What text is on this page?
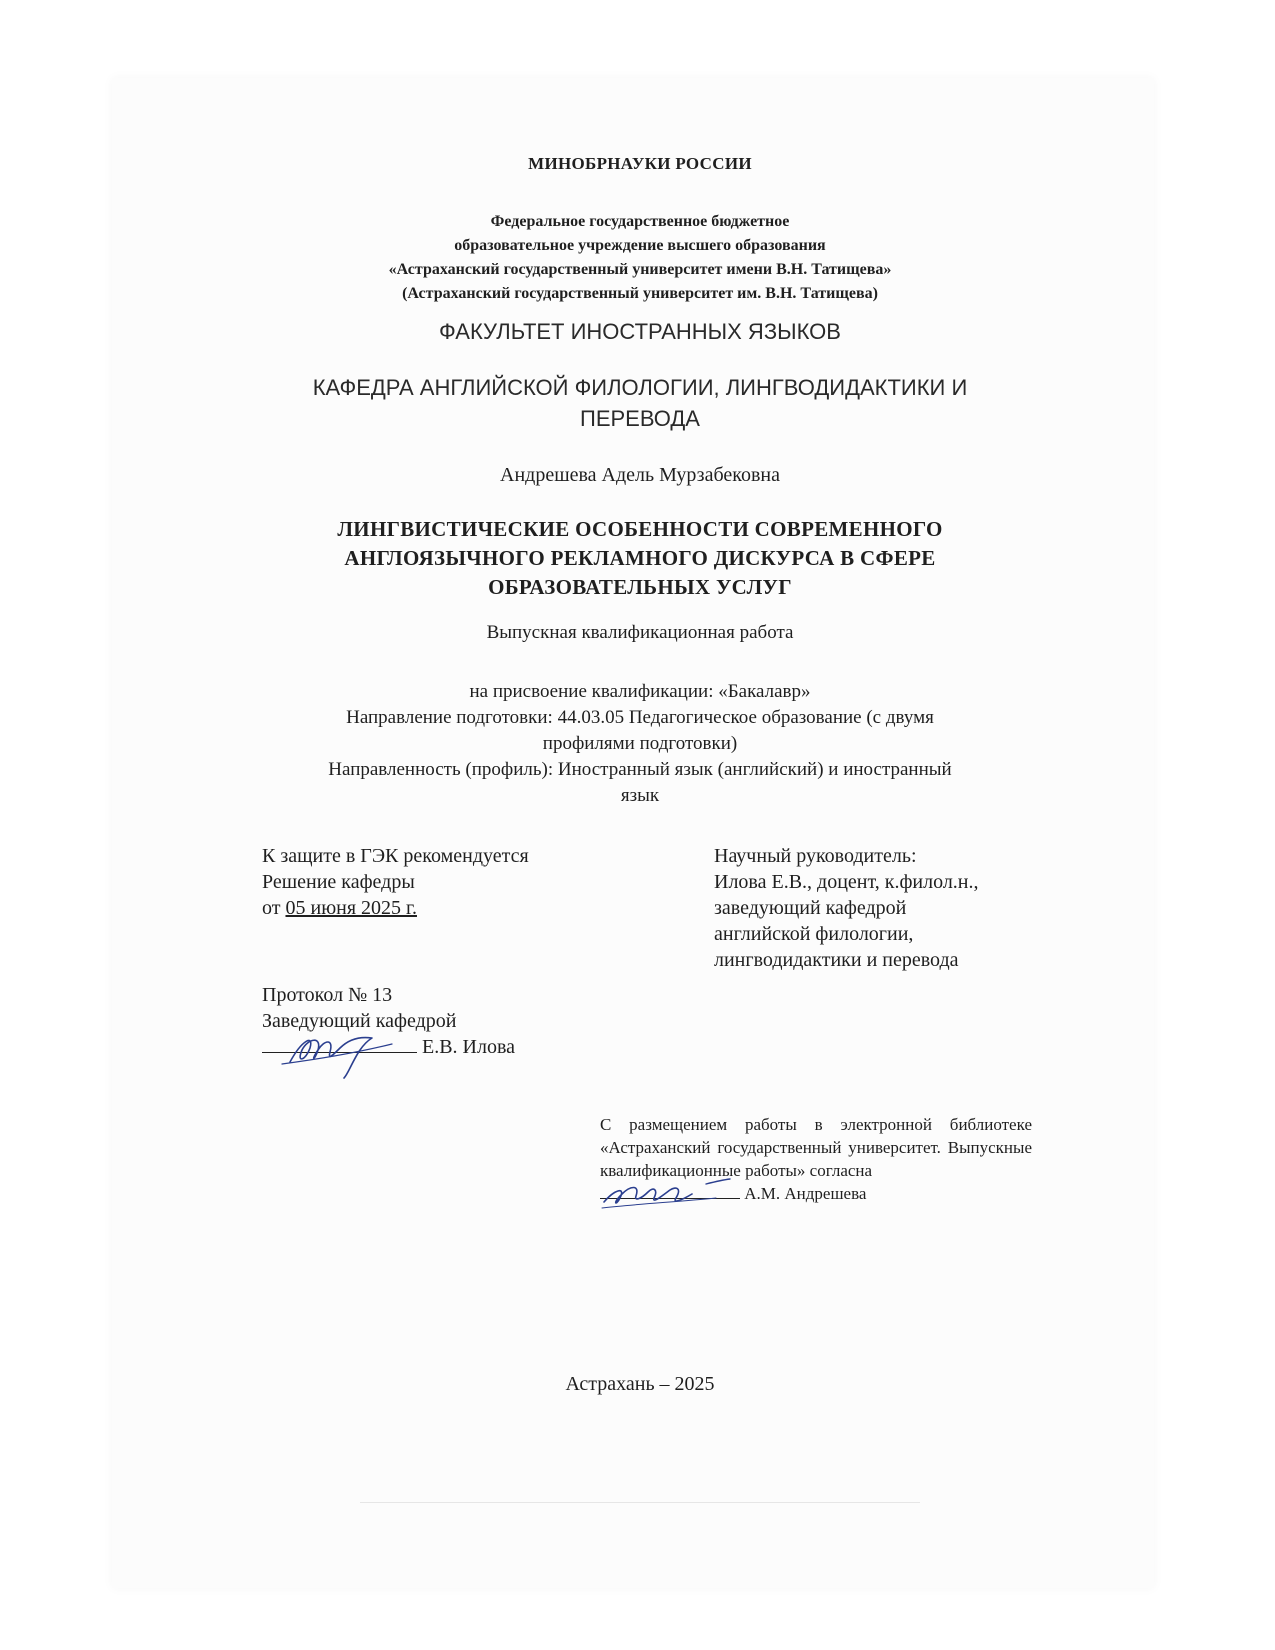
МИНОБРНАУКИ РОССИИ
Федеральное государственное бюджетное
образовательное учреждение высшего образования
«Астраханский государственный университет имени В.Н. Татищева»
(Астраханский государственный университет им. В.Н. Татищева)
ФАКУЛЬТЕТ ИНОСТРАННЫХ ЯЗЫКОВ
КАФЕДРА АНГЛИЙСКОЙ ФИЛОЛОГИИ, ЛИНГВОДИДАКТИКИ И
ПЕРЕВОДА
Андрешева Адель Мурзабековна
ЛИНГВИСТИЧЕСКИЕ ОСОБЕННОСТИ СОВРЕМЕННОГО
АНГЛОЯЗЫЧНОГО РЕКЛАМНОГО ДИСКУРСА В СФЕРЕ
ОБРАЗОВАТЕЛЬНЫХ УСЛУГ
Выпускная квалификационная работа
на присвоение квалификации: «Бакалавр»
Направление подготовки: 44.03.05 Педагогическое образование (с двумя
профилями подготовки)
Направленность (профиль): Иностранный язык (английский) и иностранный
язык
К защите в ГЭК рекомендуется
Решение кафедры
от 05 июня 2025 г.
Научный руководитель:
Илова Е.В., доцент, к.филол.н.,
заведующий кафедрой
английской филологии,
лингводидактики и перевода
Протокол № 13
Заведующий кафедрой
Е.В. Илова
С размещением работы в электронной библиотеке «Астраханский государственный университет. Выпускные квалификационные работы» согласна
А.М. Андрешева
Астрахань – 2025
